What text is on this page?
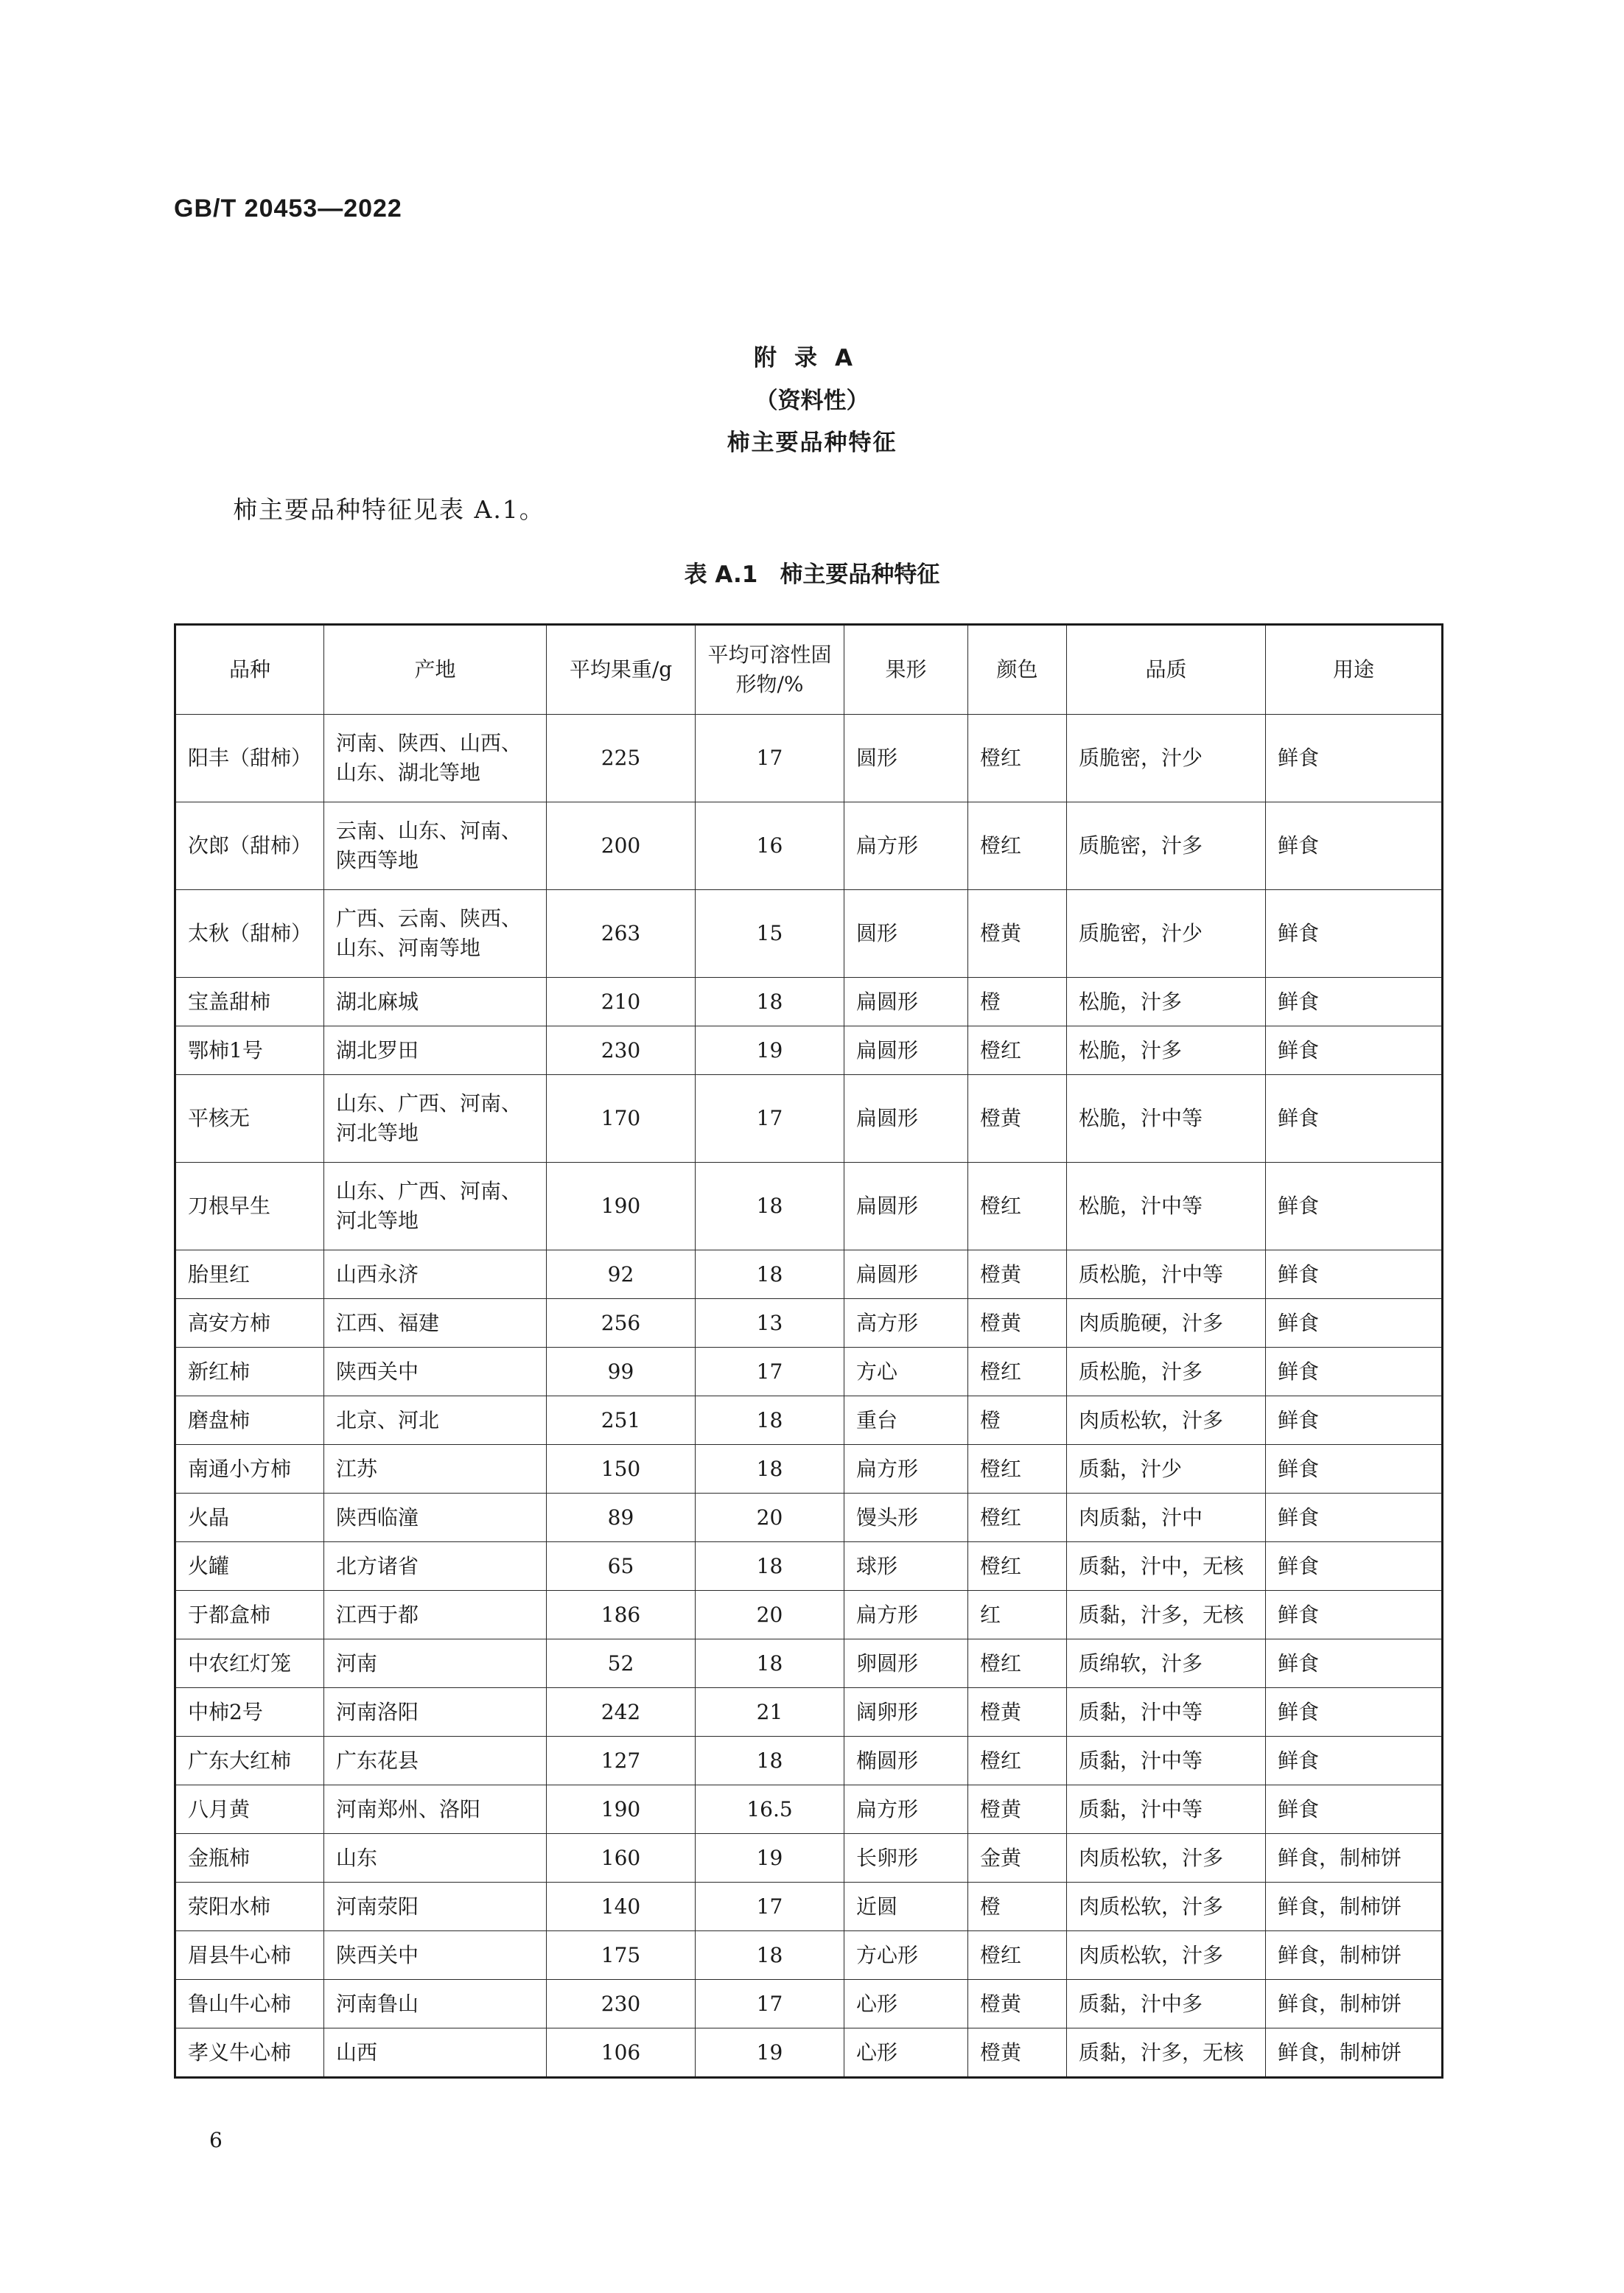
GB/T 20453—2022
附录A
（资料性）
柿主要品种特征
柿主要品种特征见表 A.1。
表 A.1 柿主要品种特征
品种	产地	平均果重/g	平均可溶性固形物/%	果形	颜色	品质	用途
阳丰（甜柿）	河南、陕西、山西、山东、湖北等地	225	17	圆形	橙红	质脆密，汁少	鲜食
次郎（甜柿）	云南、山东、河南、陕西等地	200	16	扁方形	橙红	质脆密，汁多	鲜食
太秋（甜柿）	广西、云南、陕西、山东、河南等地	263	15	圆形	橙黄	质脆密，汁少	鲜食
宝盖甜柿	湖北麻城	210	18	扁圆形	橙	松脆，汁多	鲜食
鄂柿1号	湖北罗田	230	19	扁圆形	橙红	松脆，汁多	鲜食
平核无	山东、广西、河南、河北等地	170	17	扁圆形	橙黄	松脆，汁中等	鲜食
刀根早生	山东、广西、河南、河北等地	190	18	扁圆形	橙红	松脆，汁中等	鲜食
胎里红	山西永济	92	18	扁圆形	橙黄	质松脆，汁中等	鲜食
高安方柿	江西、福建	256	13	高方形	橙黄	肉质脆硬，汁多	鲜食
新红柿	陕西关中	99	17	方心	橙红	质松脆，汁多	鲜食
磨盘柿	北京、河北	251	18	重台	橙	肉质松软，汁多	鲜食
南通小方柿	江苏	150	18	扁方形	橙红	质黏，汁少	鲜食
火晶	陕西临潼	89	20	馒头形	橙红	肉质黏，汁中	鲜食
火罐	北方诸省	65	18	球形	橙红	质黏，汁中，无核	鲜食
于都盒柿	江西于都	186	20	扁方形	红	质黏，汁多，无核	鲜食
中农红灯笼	河南	52	18	卵圆形	橙红	质绵软，汁多	鲜食
中柿2号	河南洛阳	242	21	阔卵形	橙黄	质黏，汁中等	鲜食
广东大红柿	广东花县	127	18	椭圆形	橙红	质黏，汁中等	鲜食
八月黄	河南郑州、洛阳	190	16.5	扁方形	橙黄	质黏，汁中等	鲜食
金瓶柿	山东	160	19	长卵形	金黄	肉质松软，汁多	鲜食，制柿饼
荥阳水柿	河南荥阳	140	17	近圆	橙	肉质松软，汁多	鲜食，制柿饼
眉县牛心柿	陕西关中	175	18	方心形	橙红	肉质松软，汁多	鲜食，制柿饼
鲁山牛心柿	河南鲁山	230	17	心形	橙黄	质黏，汁中多	鲜食，制柿饼
孝义牛心柿	山西	106	19	心形	橙黄	质黏，汁多，无核	鲜食，制柿饼
6
